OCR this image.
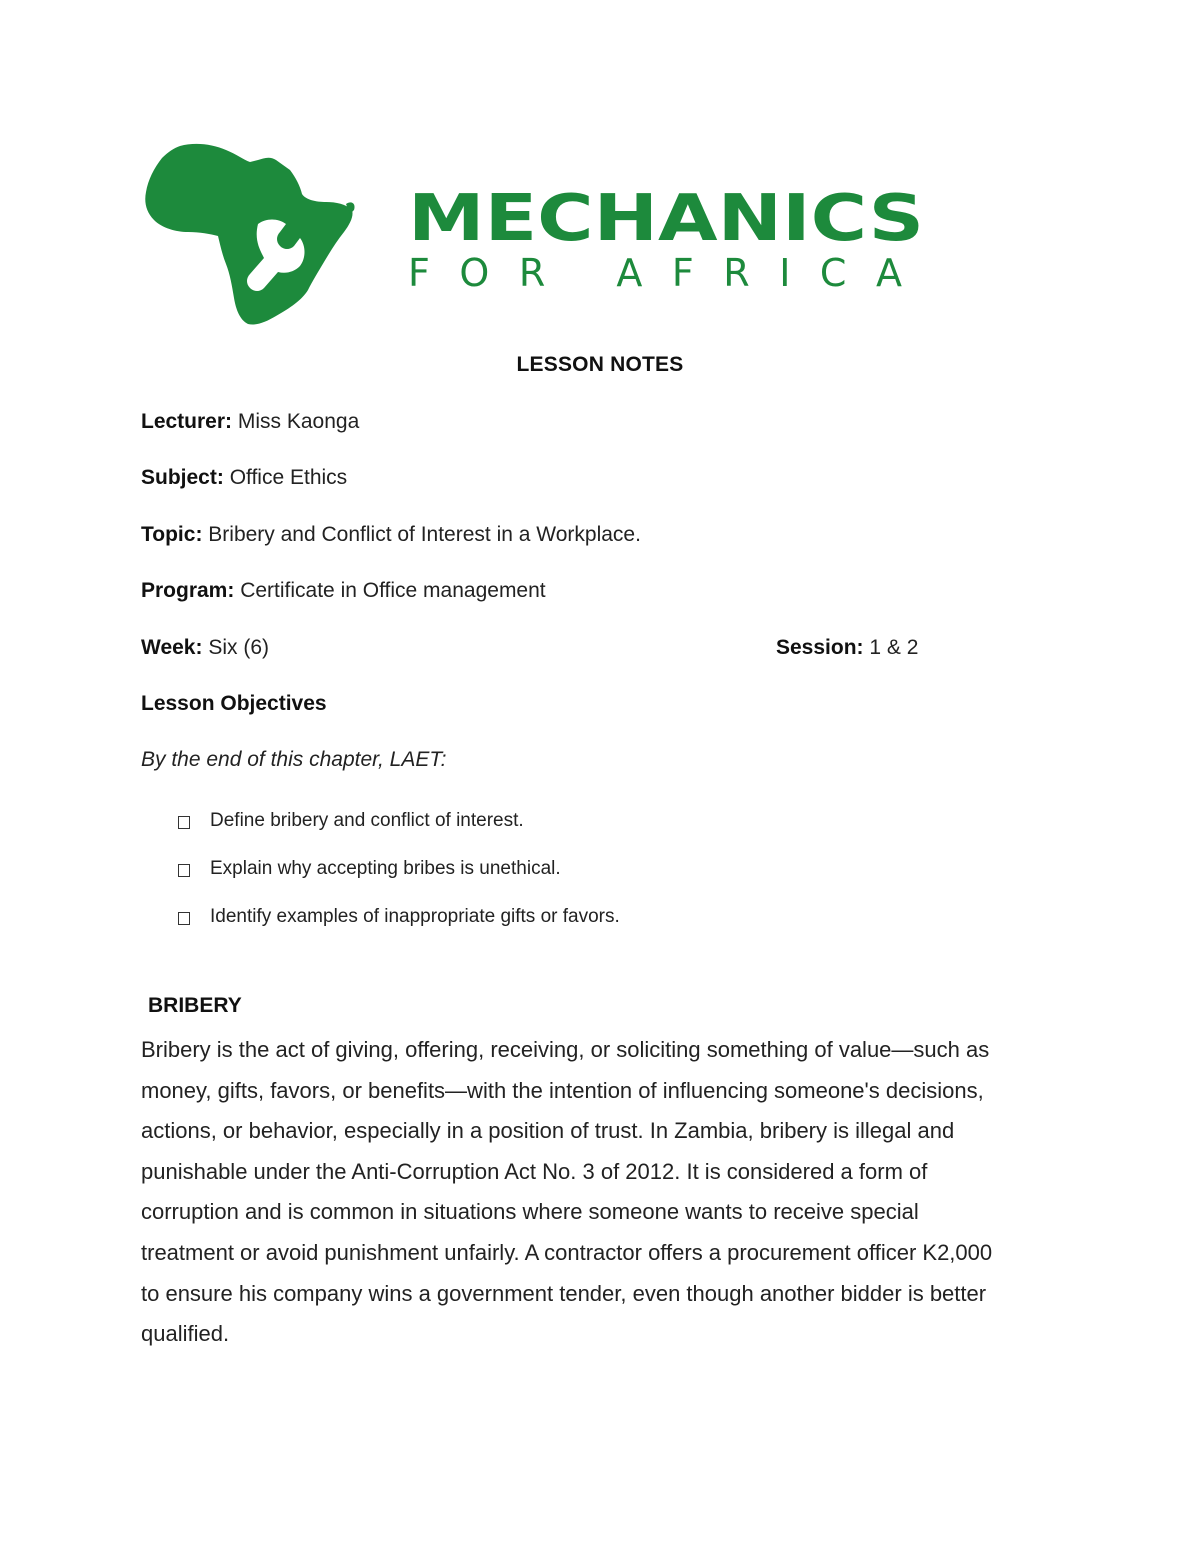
MECHANICS
FOR AFRICA
LESSON NOTES
Lecturer: Miss Kaonga
Subject: Office Ethics
Topic: Bribery and Conflict of Interest in a Workplace.
Program: Certificate in Office management
Week: Six (6)	Session: 1 & 2
Lesson Objectives
By the end of this chapter, LAET:
Define bribery and conflict of interest.
Explain why accepting bribes is unethical.
Identify examples of inappropriate gifts or favors.
BRIBERY
Bribery is the act of giving, offering, receiving, or soliciting something of value—such as
money, gifts, favors, or benefits—with the intention of influencing someone's decisions,
actions, or behavior, especially in a position of trust. In Zambia, bribery is illegal and
punishable under the Anti-Corruption Act No. 3 of 2012. It is considered a form of
corruption and is common in situations where someone wants to receive special
treatment or avoid punishment unfairly. A contractor offers a procurement officer K2,000
to ensure his company wins a government tender, even though another bidder is better
qualified.
